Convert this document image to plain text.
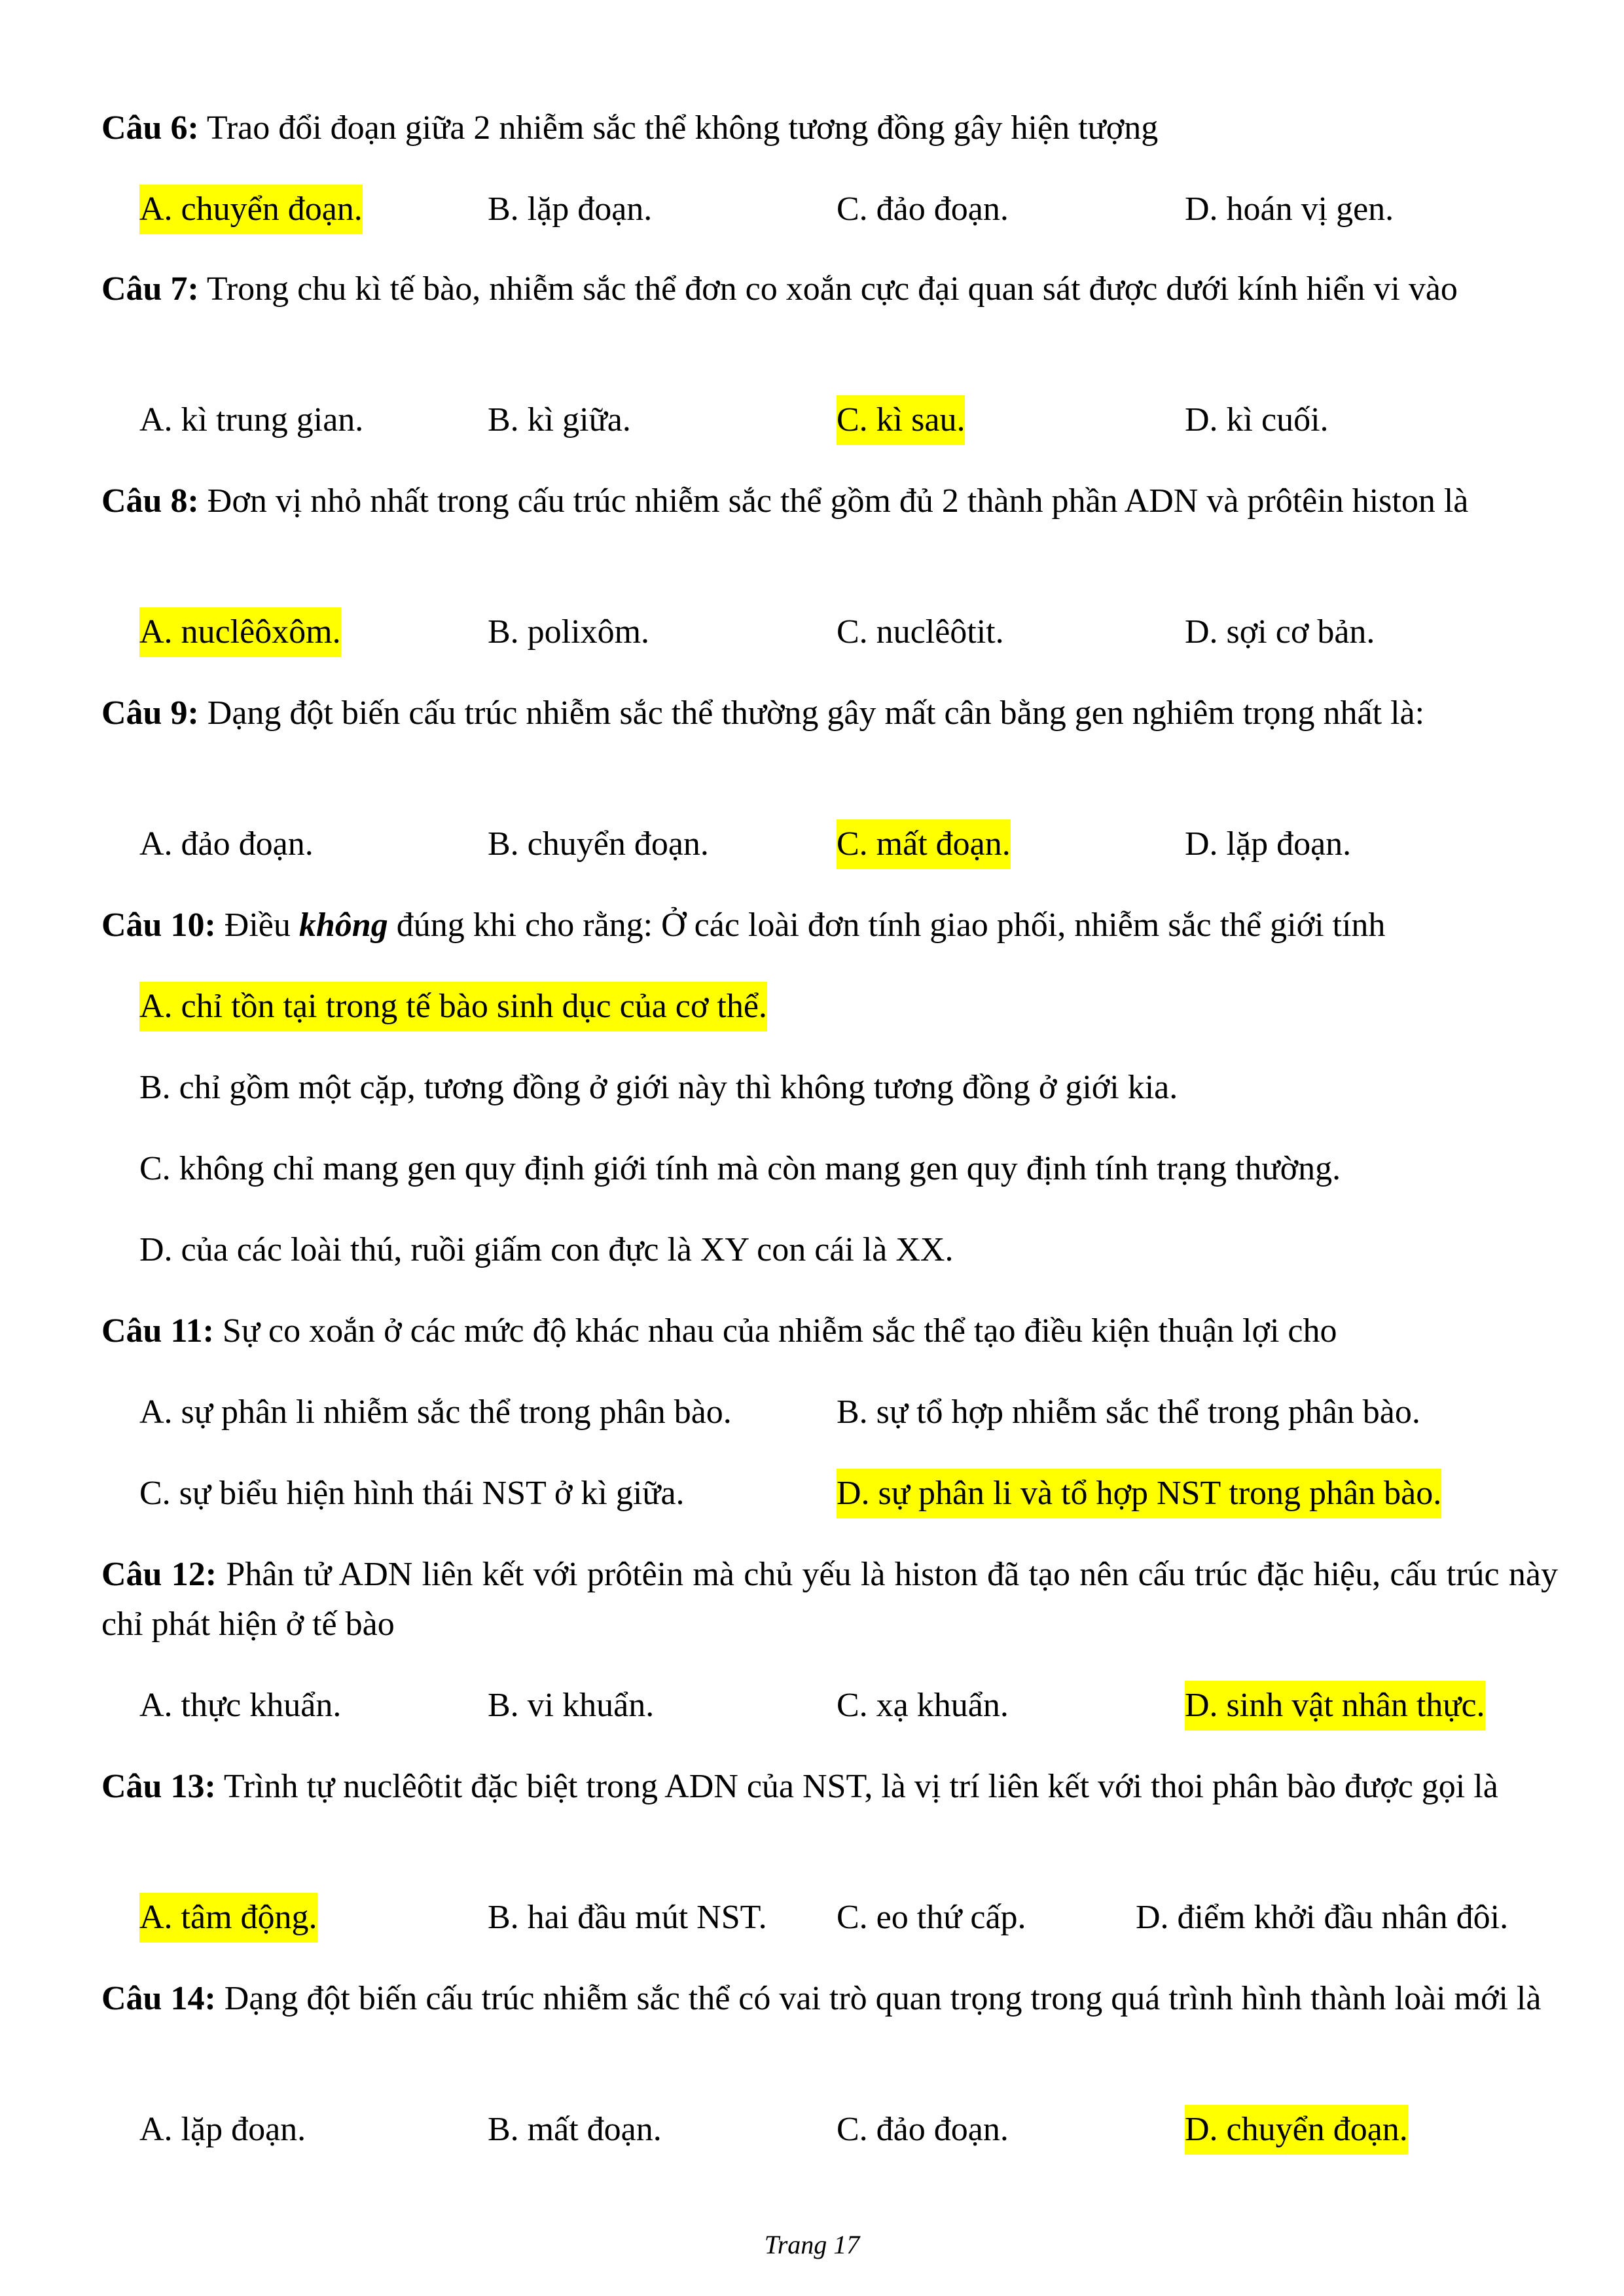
Câu 6: Trao đổi đoạn giữa 2 nhiễm sắc thể không tương đồng gây hiện tượng
A. chuyển đoạn.	B. lặp đoạn.	C. đảo đoạn.	D. hoán vị gen.
Câu 7: Trong chu kì tế bào, nhiễm sắc thể đơn co xoắn cực đại quan sát được dưới kính hiển vi vào
A. kì trung gian.	B. kì giữa.	C. kì sau.	D. kì cuối.
Câu 8: Đơn vị nhỏ nhất trong cấu trúc nhiễm sắc thể gồm đủ 2 thành phần ADN và prôtêin histon là
A. nuclêôxôm.	B. polixôm.	C. nuclêôtit.	D. sợi cơ bản.
Câu 9: Dạng đột biến cấu trúc nhiễm sắc thể thường gây mất cân bằng gen nghiêm trọng nhất là:
A. đảo đoạn.	B. chuyển đoạn.	C. mất đoạn.	D. lặp đoạn.
Câu 10: Điều không đúng khi cho rằng: Ở các loài đơn tính giao phối, nhiễm sắc thể giới tính
A. chỉ tồn tại trong tế bào sinh dục của cơ thể.
B. chỉ gồm một cặp, tương đồng ở giới này thì không tương đồng ở giới kia.
C. không chỉ mang gen quy định giới tính mà còn mang gen quy định tính trạng thường.
D. của các loài thú, ruồi giấm con đực là XY con cái là XX.
Câu 11: Sự co xoắn ở các mức độ khác nhau của nhiễm sắc thể tạo điều kiện thuận lợi cho
A. sự phân li nhiễm sắc thể trong phân bào.	B. sự tổ hợp nhiễm sắc thể trong phân bào.
C. sự biểu hiện hình thái NST ở kì giữa.	D. sự phân li và tổ hợp NST trong phân bào.
Câu 12: Phân tử ADN liên kết với prôtêin mà chủ yếu là histon đã tạo nên cấu trúc đặc hiệu, cấu trúc này chỉ phát hiện ở tế bào
A. thực khuẩn.	B. vi khuẩn.	C. xạ khuẩn.	D. sinh vật nhân thực.
Câu 13: Trình tự nuclêôtit đặc biệt trong ADN của NST, là vị trí liên kết với thoi phân bào được gọi là
A. tâm động.	B. hai đầu mút NST. C. eo thứ cấp.	D. điểm khởi đầu nhân đôi.
Câu 14: Dạng đột biến cấu trúc nhiễm sắc thể có vai trò quan trọng trong quá trình hình thành loài mới là
A. lặp đoạn.	B. mất đoạn.	C. đảo đoạn.	D. chuyển đoạn.
Trang 17
